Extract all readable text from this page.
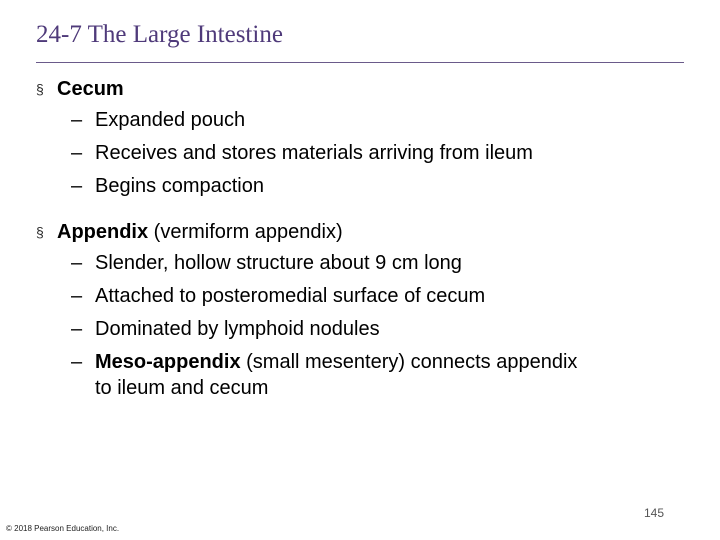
24-7 The Large Intestine
§ Cecum
– Expanded pouch
– Receives and stores materials arriving from ileum
– Begins compaction
§ Appendix (vermiform appendix)
– Slender, hollow structure about 9 cm long
– Attached to posteromedial surface of cecum
– Dominated by lymphoid nodules
– Meso-appendix (small mesentery) connects appendix
to ileum and cecum
145
© 2018 Pearson Education, Inc.
